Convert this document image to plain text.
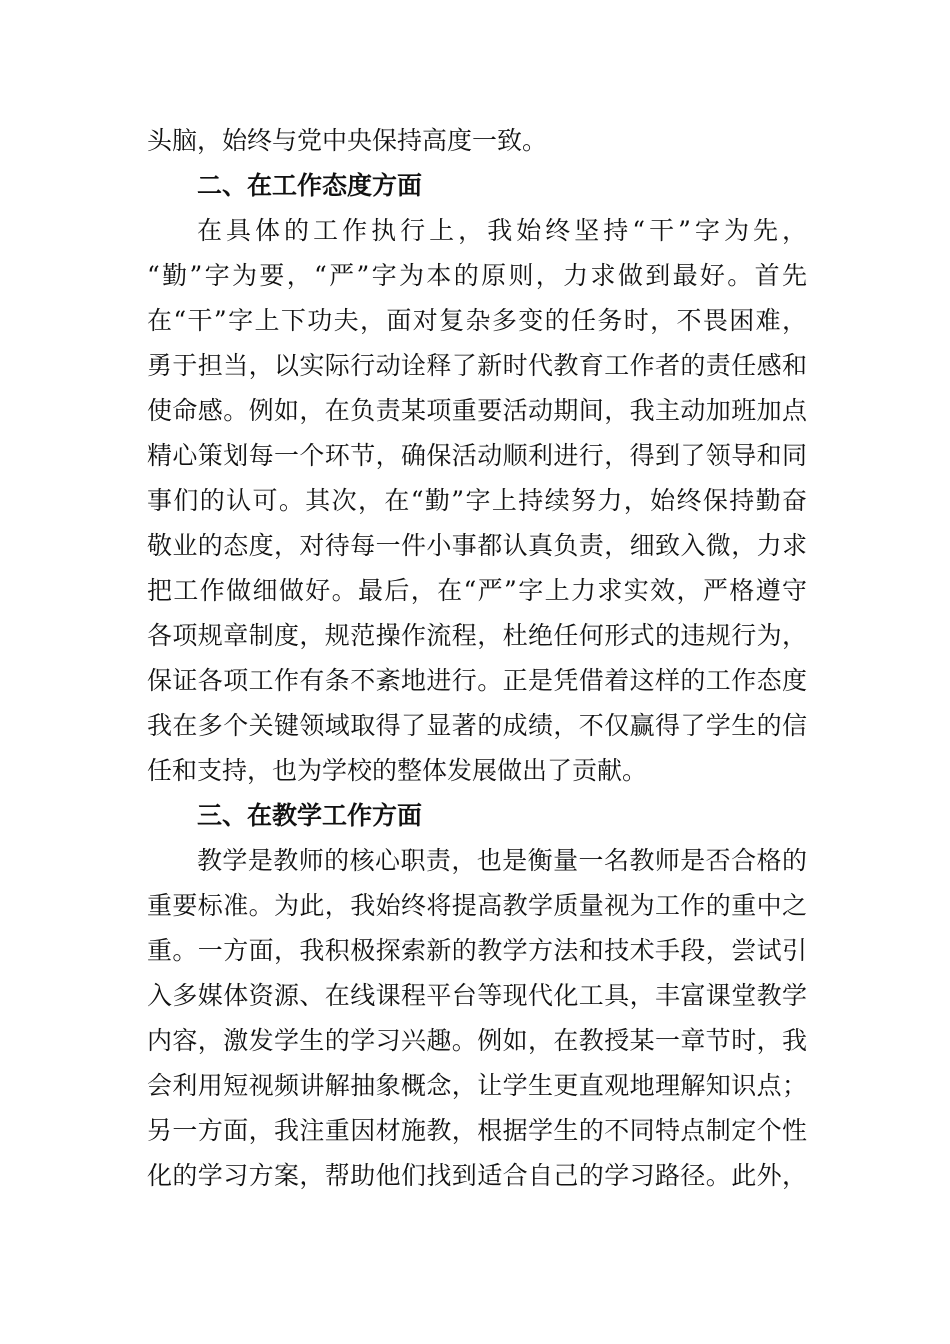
头脑，始终与党中央保持高度一致。
二、在工作态度方面
在具体的工作执行上，我始终坚持“干”字为先，
“勤”字为要，“严”字为本的原则，力求做到最好。首先
在“干”字上下功夫，面对复杂多变的任务时，不畏困难，
勇于担当，以实际行动诠释了新时代教育工作者的责任感和
使命感。例如，在负责某项重要活动期间，我主动加班加点
精心策划每一个环节，确保活动顺利进行，得到了领导和同
事们的认可。其次，在“勤”字上持续努力，始终保持勤奋
敬业的态度，对待每一件小事都认真负责，细致入微，力求
把工作做细做好。最后，在“严”字上力求实效，严格遵守
各项规章制度，规范操作流程，杜绝任何形式的违规行为，
保证各项工作有条不紊地进行。正是凭借着这样的工作态度
我在多个关键领域取得了显著的成绩，不仅赢得了学生的信
任和支持，也为学校的整体发展做出了贡献。
三、在教学工作方面
教学是教师的核心职责，也是衡量一名教师是否合格的
重要标准。为此，我始终将提高教学质量视为工作的重中之
重。一方面，我积极探索新的教学方法和技术手段，尝试引
入多媒体资源、在线课程平台等现代化工具，丰富课堂教学
内容，激发学生的学习兴趣。例如，在教授某一章节时，我
会利用短视频讲解抽象概念，让学生更直观地理解知识点；
另一方面，我注重因材施教，根据学生的不同特点制定个性
化的学习方案，帮助他们找到适合自己的学习路径。此外，
